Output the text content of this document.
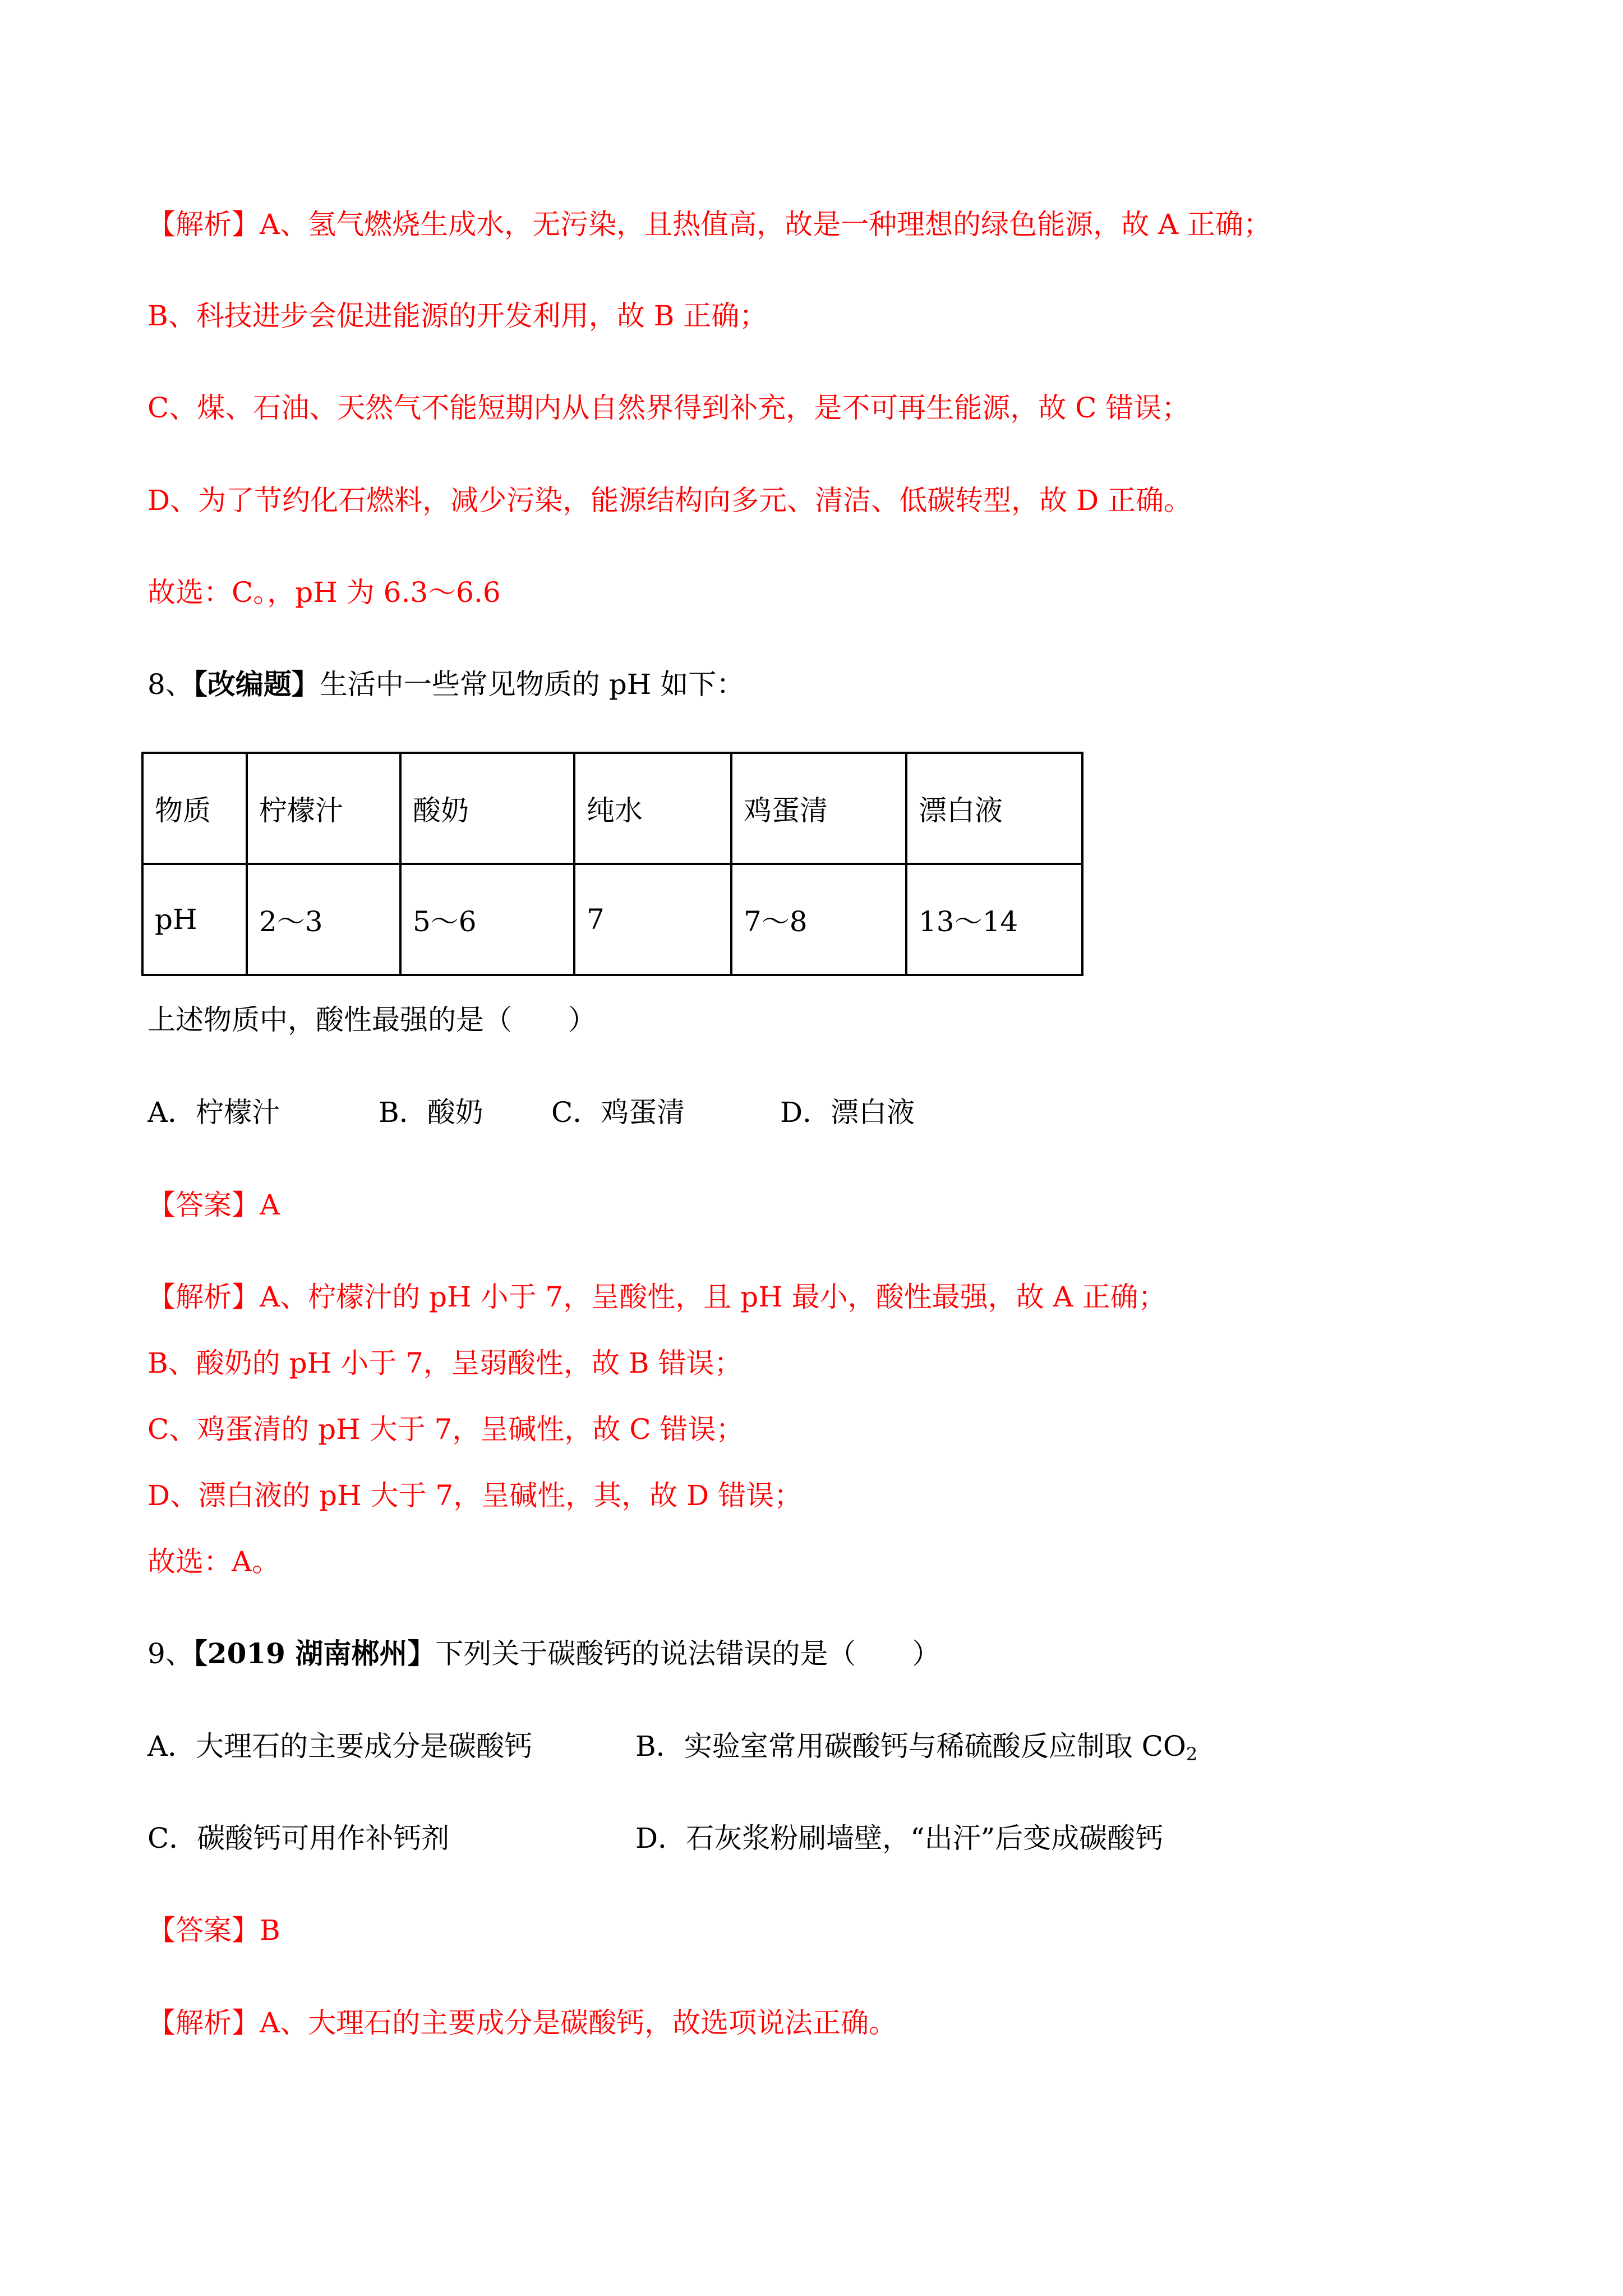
【解析】A、氢气燃烧生成水，无污染，且热值高，故是一种理想的绿色能源，故 A 正确；
B、科技进步会促进能源的开发利用，故 B 正确；
C、煤、石油、天然气不能短期内从自然界得到补充，是不可再生能源，故 C 错误；
D、为了节约化石燃料，减少污染，能源结构向多元、清洁、低碳转型，故 D 正确。
故选：C。，pH 为 6.3～6.6
8、【改编题】生活中一些常见物质的 pH 如下：
物质	柠檬汁	酸奶	纯水	鸡蛋清	漂白液
pH	2～3	5～6	7	7～8	13～14
上述物质中，酸性最强的是（　　）
A．柠檬汁	B．酸奶 C．鸡蛋清	D．漂白液
【答案】A
【解析】A、柠檬汁的 pH 小于 7，呈酸性，且 pH 最小，酸性最强，故 A 正确；
B、酸奶的 pH 小于 7，呈弱酸性，故 B 错误；
C、鸡蛋清的 pH 大于 7，呈碱性，故 C 错误；
D、漂白液的 pH 大于 7，呈碱性，其，故 D 错误；
故选：A。
9、【2019 湖南郴州】下列关于碳酸钙的说法错误的是（　　）
A．大理石的主要成分是碳酸钙	B．实验室常用碳酸钙与稀硫酸反应制取 $CO_2$
C．碳酸钙可用作补钙剂	D．石灰浆粉刷墙壁，“出汗”后变成碳酸钙
【答案】B
【解析】A、大理石的主要成分是碳酸钙，故选项说法正确。
